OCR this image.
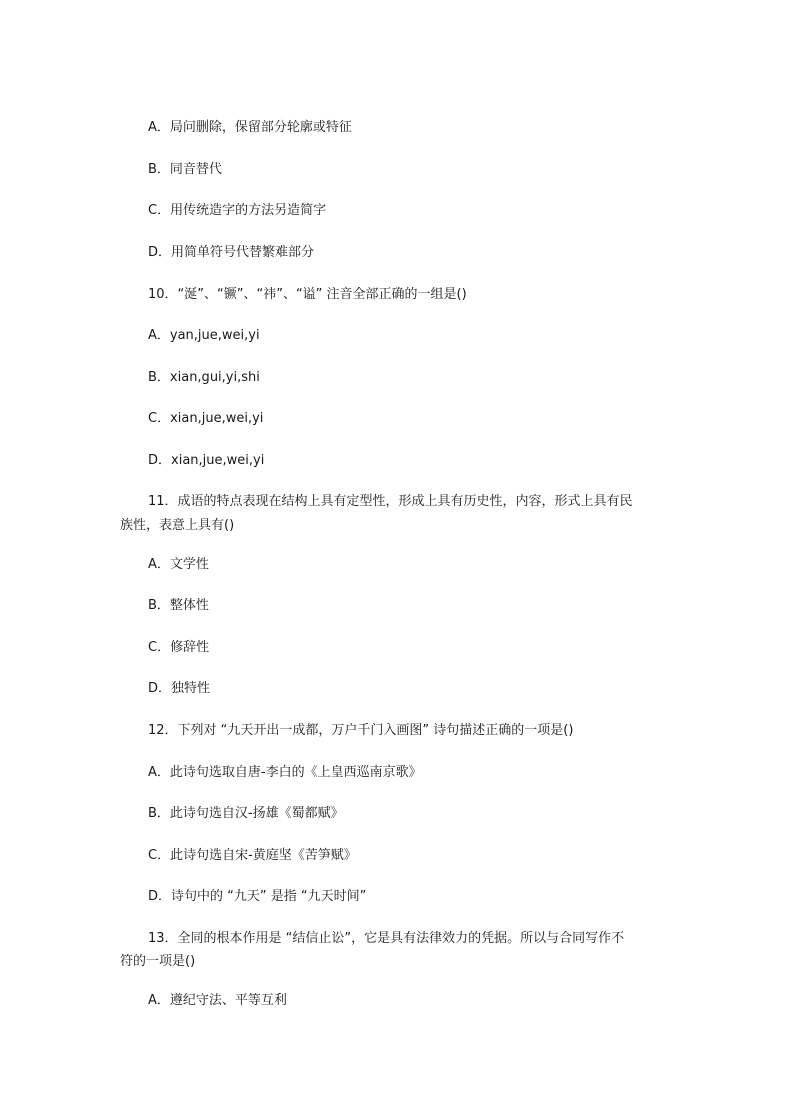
A．局问删除，保留部分轮廓或特征
B．同音替代
C．用传统造字的方法另造简字
D．用简单符号代替繁难部分
10．“涎”、“镢”、“祎”、“谥” 注音全部正确的一组是()
A．yan,jue,wei,yi
B．xian,gui,yi,shi
C．xian,jue,wei,yi
D．xian,jue,wei,yi
11．成语的特点表现在结构上具有定型性，形成上具有历史性，内容，形式上具有民
族性，表意上具有()
A．文学性
B．整体性
C．修辞性
D．独特性
12．下列对 “九天开出一成都，万户千门入画图” 诗句描述正确的一项是()
A．此诗句选取自唐-李白的《上皇西巡南京歌》
B．此诗句选自汉-扬雄《蜀都赋》
C．此诗句选自宋-黄庭坚《苦笋赋》
D．诗句中的 “九天” 是指 “九天时间”
13．全同的根本作用是 “结信止讼”，它是具有法律效力的凭据。所以与合同写作不
符的一项是()
A．遵纪守法、平等互利
